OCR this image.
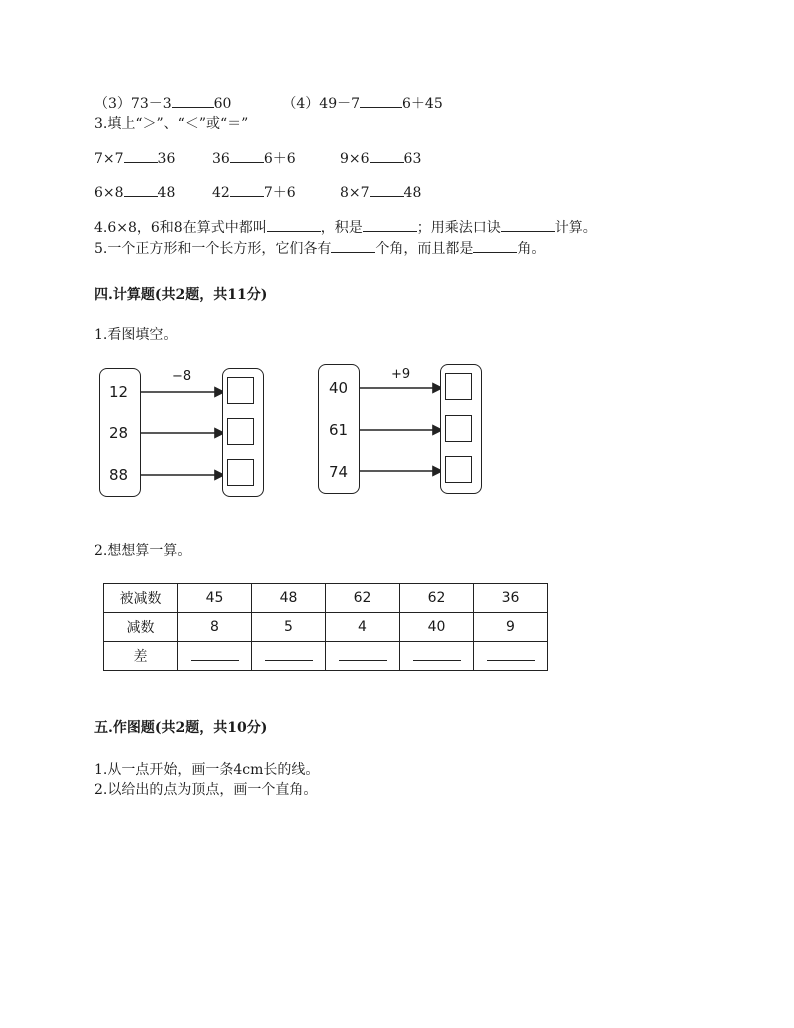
（3）73－3	60	（4）49－7	6＋45
3.填上“＞”、“＜”或“＝”
7×7 36	36 6＋6	9×6 63
6×8 48	42 7＋6	8×7 48
4.6×8，6和8在算式中都叫	，积是	；用乘法口诀	计算。
5.一个正方形和一个长方形，它们各有	个角，而且都是	角。
四.计算题(共2题，共11分)
1.看图填空。
12
28
88
−8
40
61
74
+9
2.想想算一算。
被减数	45	48	62	62	36
减数	8	5	4	40	9
差					
五.作图题(共2题，共10分)
1.从一点开始，画一条4cm长的线。
2.以给出的点为顶点，画一个直角。
